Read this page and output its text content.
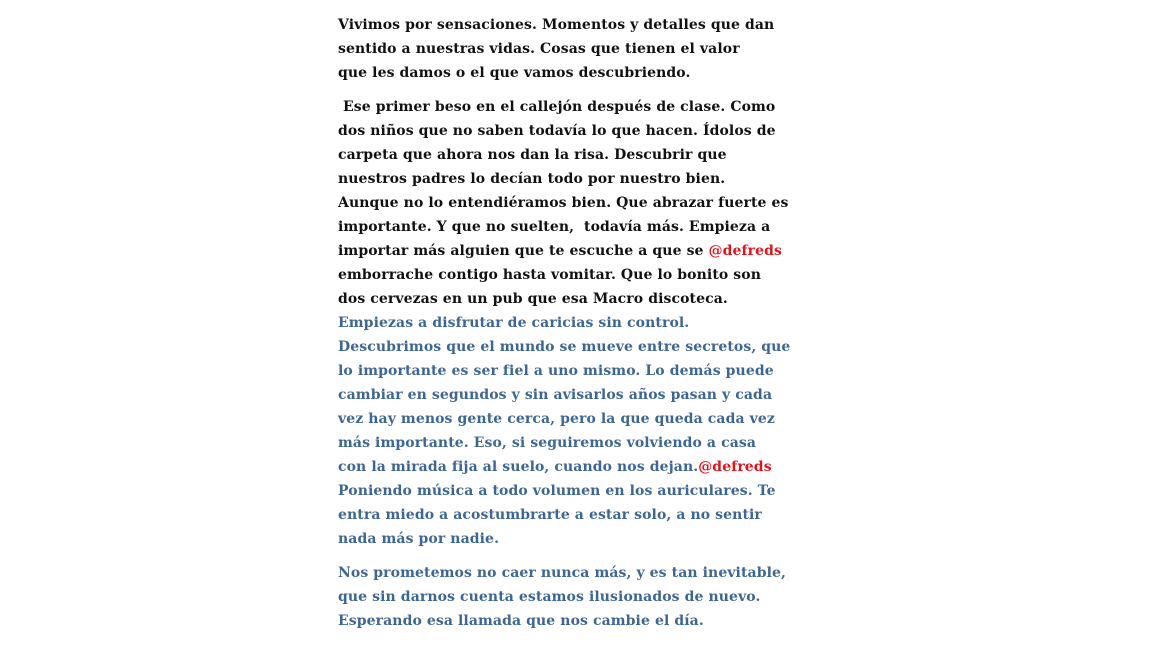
Vivimos por sensaciones. Momentos y detalles que dan
sentido a nuestras vidas. Cosas que tienen el valor
que les damos o el que vamos descubriendo.

Ese primer beso en el callejón después de clase. Como
dos niños que no saben todavía lo que hacen. Ídolos de
carpeta que ahora nos dan la risa. Descubrir que
nuestros padres lo decían todo por nuestro bien.
Aunque no lo entendiéramos bien. Que abrazar fuerte es
importante. Y que no suelten,  todavía más. Empieza a
importar más alguien que te escuche a que se @defreds
emborrache contigo hasta vomitar. Que lo bonito son
dos cervezas en un pub que esa Macro discoteca.
Empiezas a disfrutar de caricias sin control.
Descubrimos que el mundo se mueve entre secretos, que
lo importante es ser fiel a uno mismo. Lo demás puede
cambiar en segundos y sin avisarlos años pasan y cada
vez hay menos gente cerca, pero la que queda cada vez
más importante. Eso, si seguiremos volviendo a casa
con la mirada fija al suelo, cuando nos dejan.@defreds
Poniendo música a todo volumen en los auriculares. Te
entra miedo a acostumbrarte a estar solo, a no sentir
nada más por nadie.

Nos prometemos no caer nunca más, y es tan inevitable,
que sin darnos cuenta estamos ilusionados de nuevo.
Esperando esa llamada que nos cambie el día.
